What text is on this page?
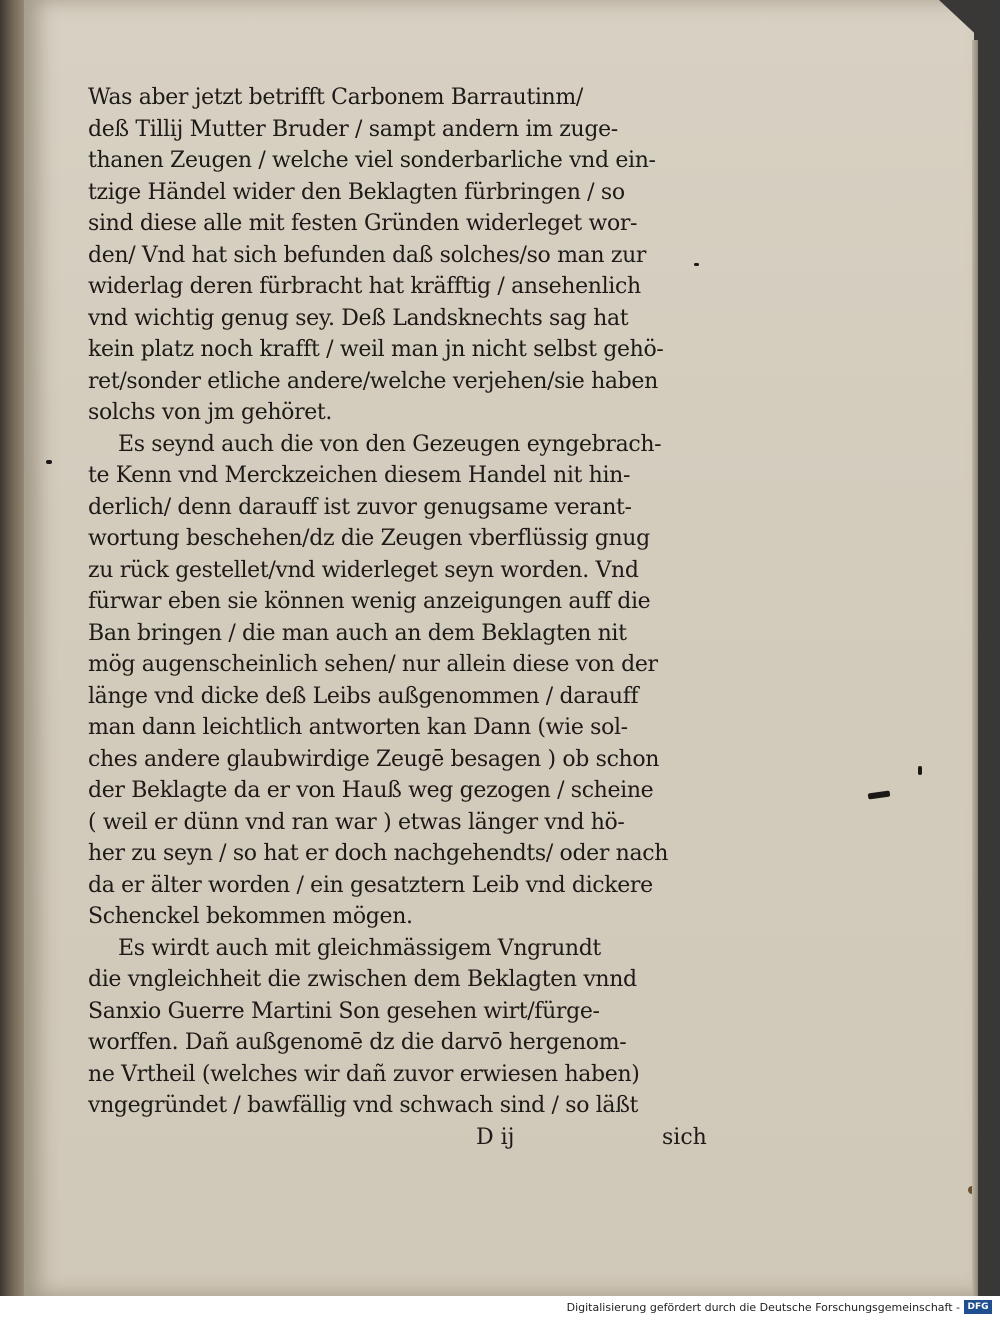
Was aber jetzt betrifft Carbonem Barrautinm/
deß Tillij Mutter Bruder / sampt andern im zuge-
thanen Zeugen / welche viel sonderbarliche vnd ein-
tzige Händel wider den Beklagten fürbringen / so
sind diese alle mit festen Gründen widerleget wor-
den/ Vnd hat sich befunden daß solches/so man zur
widerlag deren fürbracht hat kräfftig / ansehenlich
vnd wichtig genug sey. Deß Landsknechts sag hat
kein platz noch krafft / weil man jn nicht selbst gehö-
ret/sonder etliche andere/welche verjehen/sie haben
solchs von jm gehöret.
Es seynd auch die von den Gezeugen eyngebrach-
te Kenn vnd Merckzeichen diesem Handel nit hin-
derlich/ denn darauff ist zuvor genugsame verant-
wortung beschehen/dz die Zeugen vberflüssig gnug
zu rück gestellet/vnd widerleget seyn worden. Vnd
fürwar eben sie können wenig anzeigungen auff die
Ban bringen / die man auch an dem Beklagten nit
mög augenscheinlich sehen/ nur allein diese von der
länge vnd dicke deß Leibs außgenommen / darauff
man dann leichtlich antworten kan Dann (wie sol-
ches andere glaubwirdige Zeugē besagen ) ob schon
der Beklagte da er von Hauß weg gezogen / scheine
( weil er dünn vnd ran war ) etwas länger vnd hö-
her zu seyn / so hat er doch nachgehendts/ oder nach
da er älter worden / ein gesatztern Leib vnd dickere
Schenckel bekommen mögen.
Es wirdt auch mit gleichmässigem Vngrundt
die vngleichheit die zwischen dem Beklagten vnnd
Sanxio Guerre Martini Son gesehen wirt/fürge-
worffen. Dañ außgenomē dz die darvō hergenom-
ne Vrtheil (welches wir dañ zuvor erwiesen haben)
vngegründet / bawfällig vnd schwach sind / so läßt
D ij	sich
Digitalisierung gefördert durch die Deutsche Forschungsgemeinschaft - DFG
